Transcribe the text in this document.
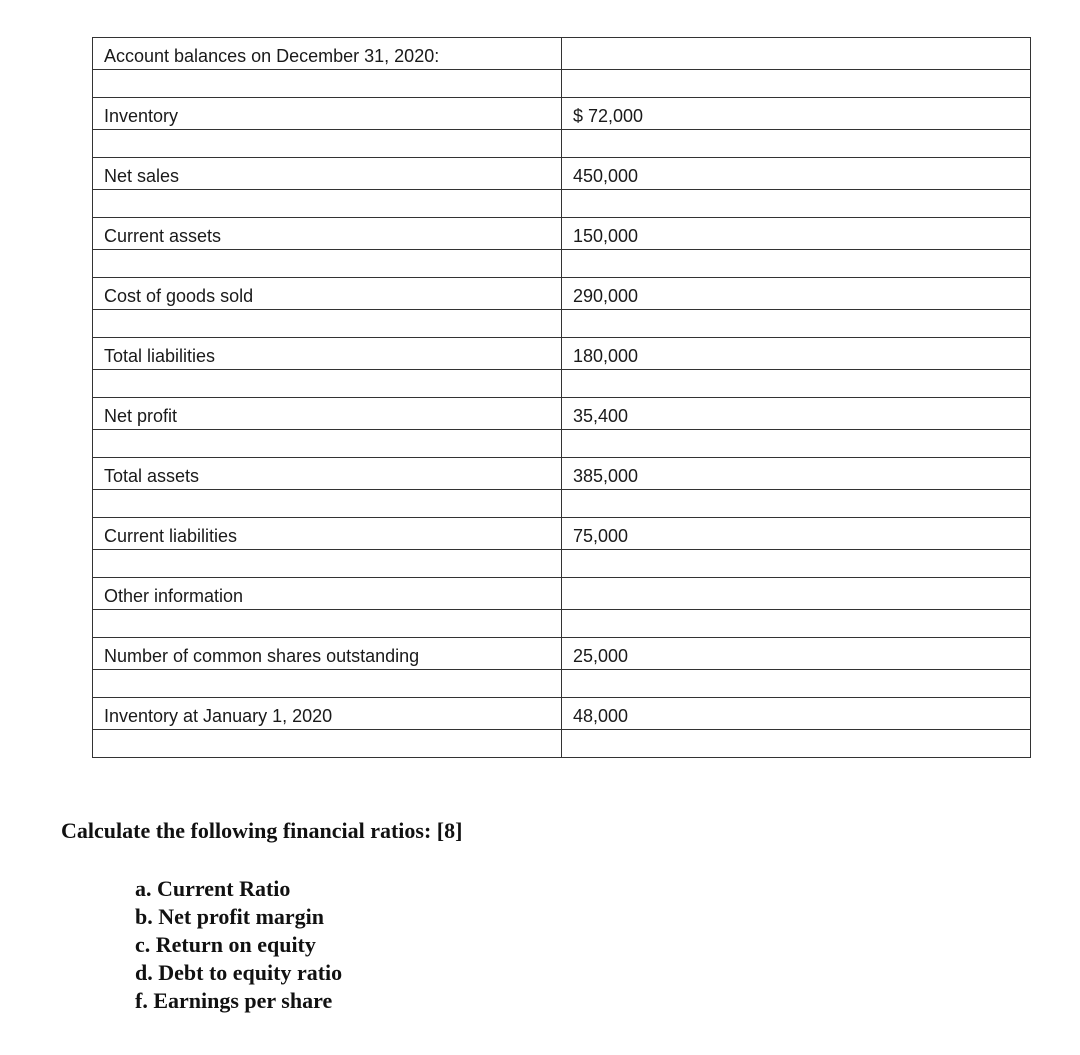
Account balances on December 31, 2020:	

Inventory	$ 72,000

Net sales	450,000

Current assets	150,000

Cost of goods sold	290,000

Total liabilities	180,000

Net profit	35,400

Total assets	385,000

Current liabilities	75,000

Other information	

Number of common shares outstanding	25,000

Inventory at January 1, 2020	48,000

Calculate the following financial ratios: [8]
a. Current Ratio
b. Net profit margin
c. Return on equity
d. Debt to equity ratio
f. Earnings per share
